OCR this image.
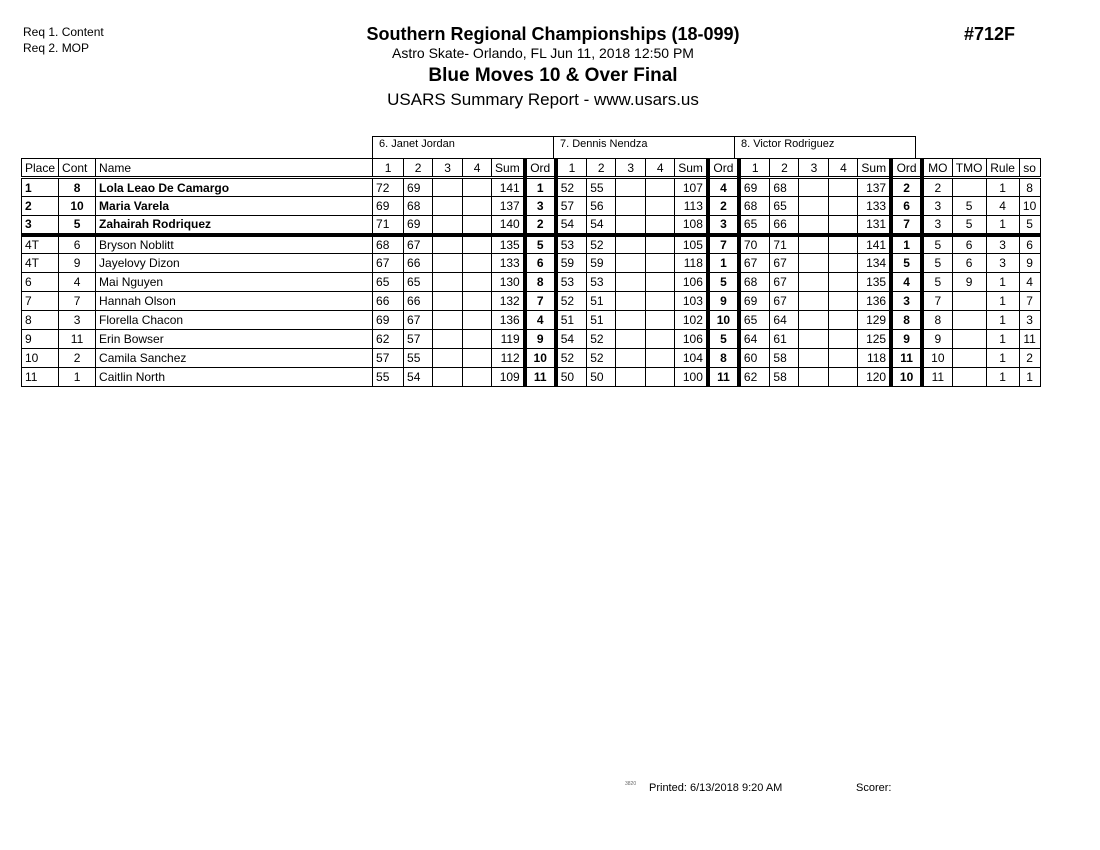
Req 1. Content
Req 2. MOP
Southern Regional Championships (18-099)
Astro Skate- Orlando, FL Jun 11, 2018 12:50 PM
Blue Moves 10 & Over Final
USARS Summary Report - www.usars.us
#712F
6. Janet Jordan	7. Dennis Nendza	8. Victor Rodriguez
Place	Cont	Name	1	2	3	4	Sum	Ord	1	2	3	4	Sum	Ord	1	2	3	4	Sum	Ord	MO	TMO	Rule	so
1	8	Lola Leao De Camargo	72	69			141	1	52	55			107	4	69	68			137	2	2		1	8
2	10	Maria Varela	69	68			137	3	57	56			113	2	68	65			133	6	3	5	4	10
3	5	Zahairah Rodriquez	71	69			140	2	54	54			108	3	65	66			131	7	3	5	1	5
4T	6	Bryson Noblitt	68	67			135	5	53	52			105	7	70	71			141	1	5	6	3	6
4T	9	Jayelovy Dizon	67	66			133	6	59	59			118	1	67	67			134	5	5	6	3	9
6	4	Mai Nguyen	65	65			130	8	53	53			106	5	68	67			135	4	5	9	1	4
7	7	Hannah Olson	66	66			132	7	52	51			103	9	69	67			136	3	7		1	7
8	3	Florella Chacon	69	67			136	4	51	51			102	10	65	64			129	8	8		1	3
9	11	Erin Bowser	62	57			119	9	54	52			106	5	64	61			125	9	9		1	11
10	2	Camila Sanchez	57	55			112	10	52	52			104	8	60	58			118	11	10		1	2
11	1	Caitlin North	55	54			109	11	50	50			100	11	62	58			120	10	11		1	1
3820 Printed: 6/13/2018 9:20 AM	Scorer:
